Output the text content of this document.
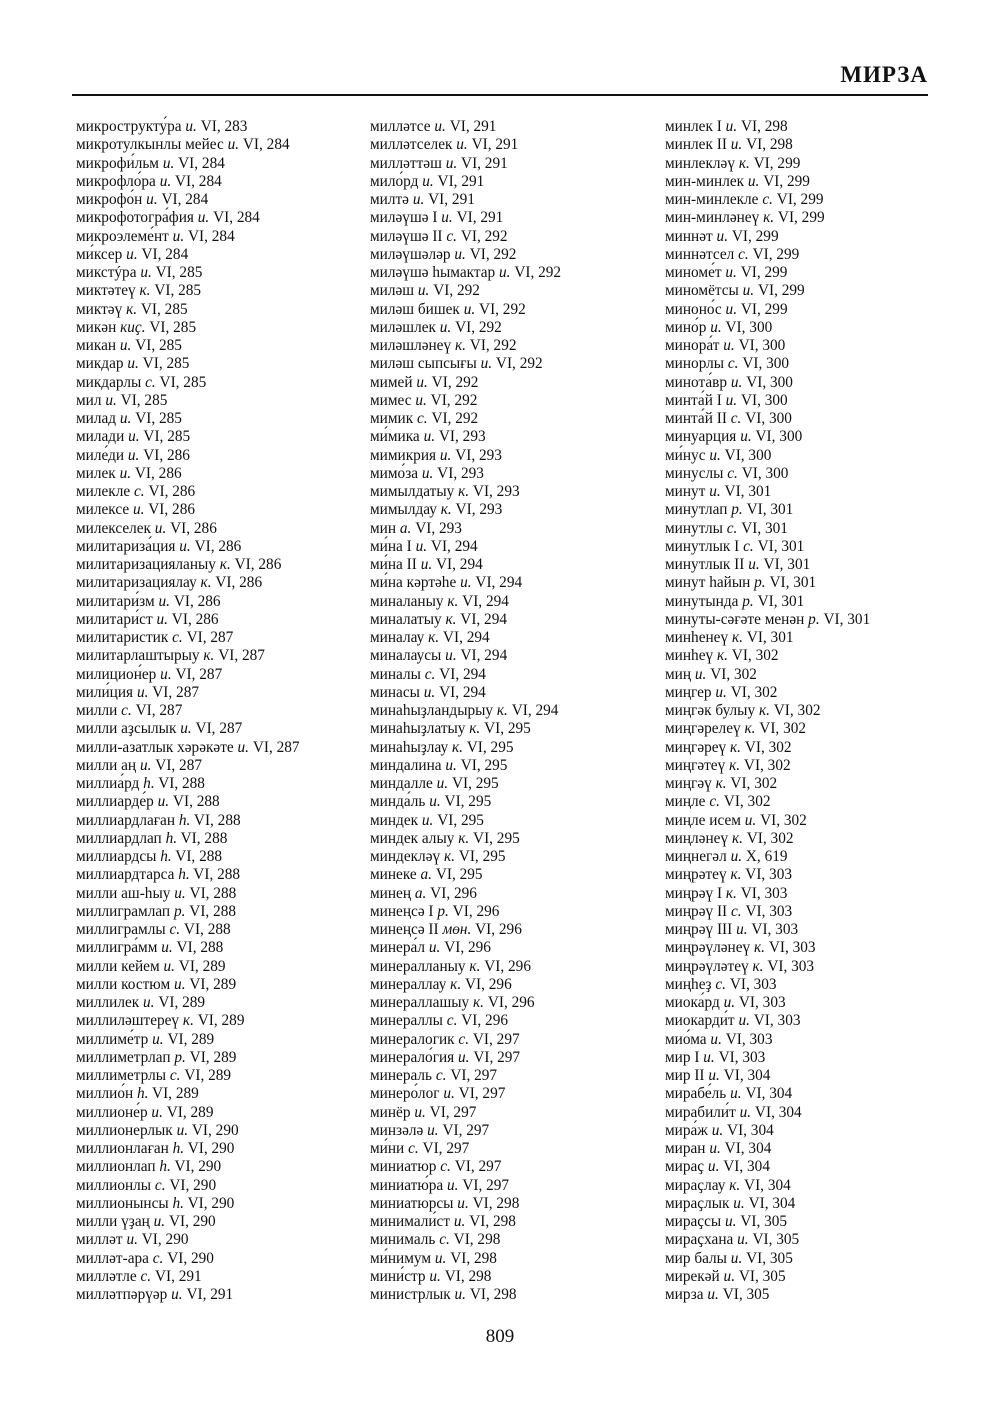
МИРЗА
микрострукту́ра и. VI, 283
микротулкынлы мейес и. VI, 284
микрофи́льм и. VI, 284
микрофло́ра и. VI, 284
микрофо́н и. VI, 284
микрофотогра́фия и. VI, 284
микроэлеме́нт и. VI, 284
ми́ксер и. VI, 284
микстýра и. VI, 285
миктәтеү к. VI, 285
миктәү к. VI, 285
микән киҫ. VI, 285
микан и. VI, 285
микдар и. VI, 285
микдарлы с. VI, 285
мил и. VI, 285
милад и. VI, 285
милади и. VI, 285
миле́ди и. VI, 286
милек и. VI, 286
милекле с. VI, 286
милексе и. VI, 286
милекселек и. VI, 286
милитариза́ция и. VI, 286
милитаризацияланыу к. VI, 286
милитаризациялау к. VI, 286
милитари́зм и. VI, 286
милитари́ст и. VI, 286
милитаристик с. VI, 287
милитарлаштырыу к. VI, 287
милицион́ер и. VI, 287
мили́ция и. VI, 287
милли с. VI, 287
милли аҙсылык и. VI, 287
милли-азатлык хәрәкәте и. VI, 287
милли аң и. VI, 287
миллиа́рд h. VI, 288
миллиарде́р и. VI, 288
миллиардлаған h. VI, 288
миллиардлап h. VI, 288
миллиардсы h. VI, 288
миллиардтарса h. VI, 288
милли аш-hыу и. VI, 288
миллиграмлап р. VI, 288
миллиграмлы с. VI, 288
миллигра́мм и. VI, 288
милли кейем и. VI, 289
милли костюм и. VI, 289
миллилек и. VI, 289
миллиләштереү к. VI, 289
миллиме́тр и. VI, 289
миллиметрлап р. VI, 289
миллиметрлы с. VI, 289
миллио́н h. VI, 289
миллионе́р и. VI, 289
миллионерлык и. VI, 290
миллионлаған h. VI, 290
миллионлап h. VI, 290
миллионлы с. VI, 290
миллионынсы h. VI, 290
милли үҙаң и. VI, 290
милләт и. VI, 290
милләт-ара с. VI, 290
милләтле с. VI, 291
милләтпәрүәр и. VI, 291
милләтсе и. VI, 291
милләтселек и. VI, 291
милләттәш и. VI, 291
мило́рд и. VI, 291
милтә и. VI, 291
миләүшә I и. VI, 291
миләүшә II с. VI, 292
миләүшәләр и. VI, 292
миләүшә hымактар и. VI, 292
миләш и. VI, 292
миләш бишек и. VI, 292
миләшлек и. VI, 292
миләшләнеү к. VI, 292
миләш сыпсығы и. VI, 292
мимей и. VI, 292
мимес и. VI, 292
мимик с. VI, 292
ми́мика и. VI, 293
мимикрия и. VI, 293
мимо́за и. VI, 293
мимылдатыу к. VI, 293
мимылдау к. VI, 293
мин а. VI, 293
ми́на I и. VI, 294
ми́на II и. VI, 294
ми́на кәртәhе и. VI, 294
миналаныу к. VI, 294
миналатыу к. VI, 294
миналау к. VI, 294
миналаусы и. VI, 294
миналы с. VI, 294
минасы и. VI, 294
минаhыҙландырыу к. VI, 294
минаhыҙлатыу к. VI, 295
минаhыҙлау к. VI, 295
миндалина и. VI, 295
миндалле и. VI, 295
минда́ль и. VI, 295
миндек и. VI, 295
миндек алыу к. VI, 295
миндекләү к. VI, 295
минеке а. VI, 295
минең а. VI, 296
минеңсә I р. VI, 296
минеңсә II мөн. VI, 296
минера́л и. VI, 296
минералланыу к. VI, 296
минераллау к. VI, 296
минераллашыу к. VI, 296
минераллы с. VI, 296
минералогик с. VI, 297
минерало́гия и. VI, 297
минераль с. VI, 297
минеро́лог и. VI, 297
минёр и. VI, 297
минзәлә и. VI, 297
ми́ни с. VI, 297
миниатюр с. VI, 297
миниатю́ра и. VI, 297
миниатюрсы и. VI, 298
минимали́ст и. VI, 298
минималь с. VI, 298
ми́нимум и. VI, 298
мини́стр и. VI, 298
министрлык и. VI, 298
минлек I и. VI, 298
минлек II и. VI, 298
минлекләү к. VI, 299
мин-минлек и. VI, 299
мин-минлекле с. VI, 299
мин-минләнеү к. VI, 299
миннәт и. VI, 299
миннәтсел с. VI, 299
миноме́т и. VI, 299
миномётсы и. VI, 299
миноно́с и. VI, 299
мино́р и. VI, 300
минора́т и. VI, 300
минорлы с. VI, 300
минота́вр и. VI, 300
минта́й I и. VI, 300
минта́й II с. VI, 300
минуарция и. VI, 300
ми́нус и. VI, 300
минуслы с. VI, 300
минут и. VI, 301
минутлап р. VI, 301
минутлы с. VI, 301
минутлык I с. VI, 301
минутлык II и. VI, 301
минут hайын р. VI, 301
минутында р. VI, 301
минуты-сәғәте менән р. VI, 301
минhенеү к. VI, 301
минhеү к. VI, 302
миң и. VI, 302
миңгер и. VI, 302
миңгәк булыу к. VI, 302
миңгәрелеү к. VI, 302
миңгәреү к. VI, 302
миңгәтеү к. VI, 302
миңгәү к. VI, 302
миңле с. VI, 302
миңле исем и. VI, 302
миңләнеү к. VI, 302
миңнегәл и. X, 619
миңрәтеү к. VI, 303
миңрәү I к. VI, 303
миңрәү II с. VI, 303
миңрәү III и. VI, 303
миңрәүләнеү к. VI, 303
миңрәүләтеү к. VI, 303
миңhеҙ с. VI, 303
миока́рд и. VI, 303
миокарди́т и. VI, 303
мио́ма и. VI, 303
мир I и. VI, 303
мир II и. VI, 304
мирабе́ль и. VI, 304
мирабили́т и. VI, 304
мира́ж и. VI, 304
миран и. VI, 304
мираҫ и. VI, 304
мираҫлау к. VI, 304
мираҫлык и. VI, 304
мираҫсы и. VI, 305
мираҫхана и. VI, 305
мир балы и. VI, 305
мирекәй и. VI, 305
мирза и. VI, 305
809
